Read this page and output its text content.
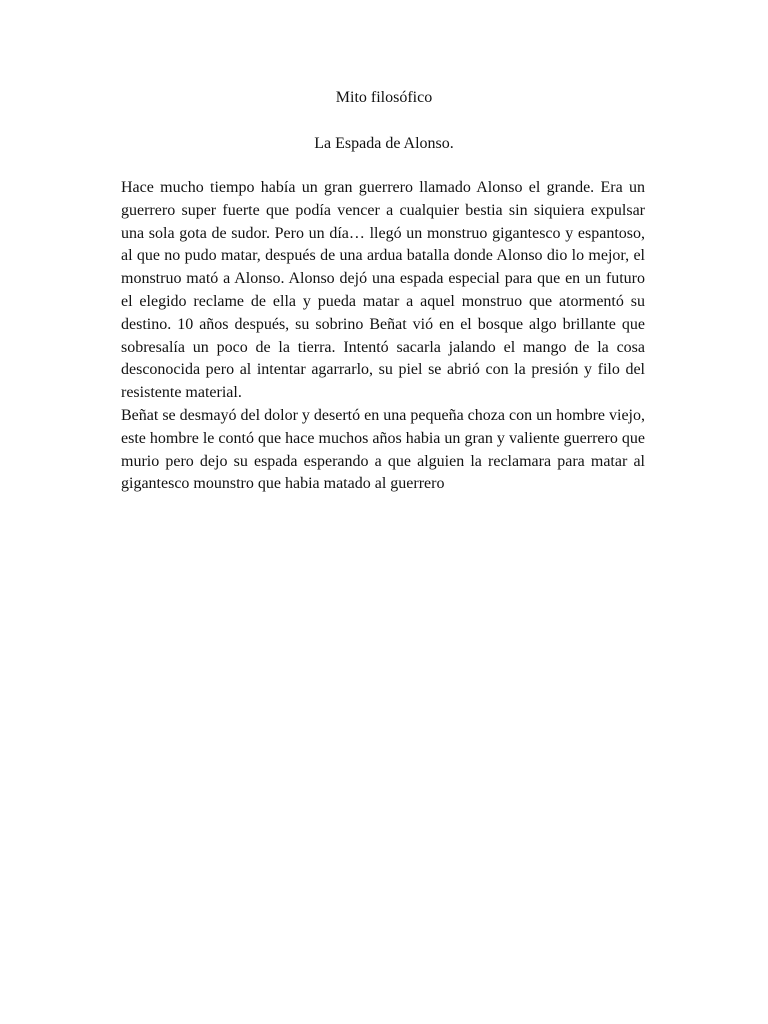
Mito filosófico
La Espada de Alonso.

Hace mucho tiempo había un gran guerrero llamado Alonso el grande. Era un guerrero super fuerte que podía vencer a cualquier bestia sin siquiera expulsar una sola gota de sudor. Pero un día… llegó un monstruo gigantesco y espantoso, al que no pudo matar, después de una ardua batalla donde Alonso dio lo mejor, el monstruo mató a Alonso. Alonso dejó una espada especial para que en un futuro el elegido reclame de ella y pueda matar a aquel monstruo que atormentó su destino. 10 años después, su sobrino Beñat vió en el bosque algo brillante que sobresalía un poco de la tierra. Intentó sacarla jalando el mango de la cosa desconocida pero al intentar agarrarlo, su piel se abrió con la presión y filo del resistente material.

Beñat se desmayó del dolor y desertó en una pequeña choza con un hombre viejo, este hombre le contó que hace muchos años habia un gran y valiente guerrero que murio pero dejo su espada esperando a que alguien la reclamara para matar al gigantesco mounstro que habia matado al guerrero
